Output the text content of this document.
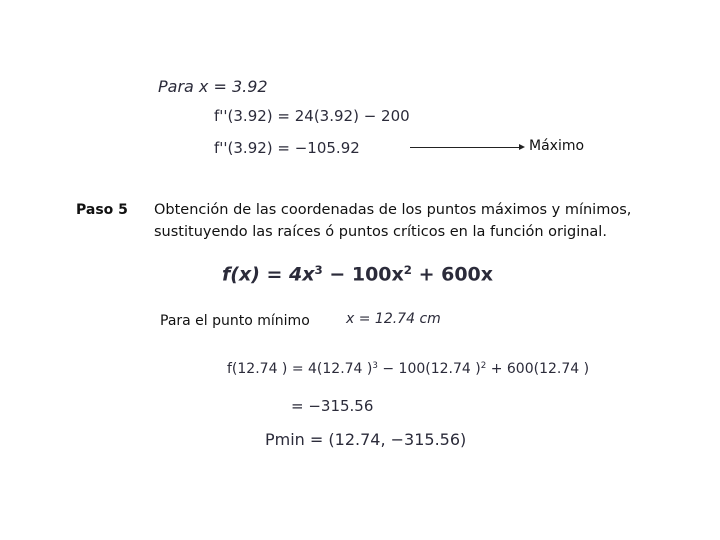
Para x = 3.92
f''(3.92) = 24(3.92) − 200
f''(3.92) = −105.92	Máximo
Paso 5 Obtención de las coordenadas de los puntos máximos y mínimos,
sustituyendo las raíces ó puntos críticos en la función original.
$f(x) = 4x^3 - 100x^2 + 600x$
Para el punto mínimo	x = 12.74 cm
f(12.74 ) = 4(12.74 )$^3$ − 100(12.74 )$^2$ + 600(12.74 )
= −315.56
Pmin = (12.74, −315.56)
